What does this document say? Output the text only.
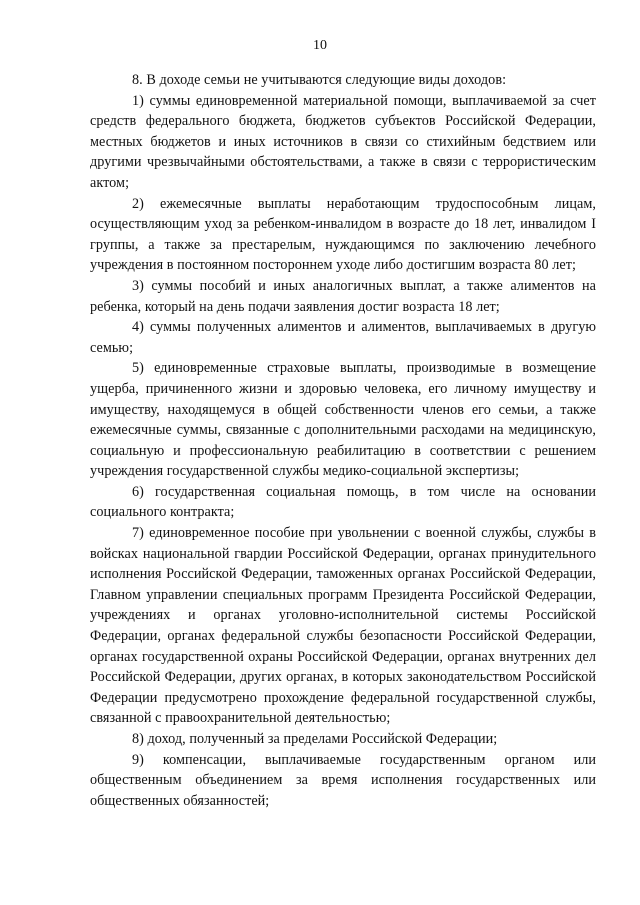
10

8. В доходе семьи не учитываются следующие виды доходов:

1) суммы единовременной материальной помощи, выплачиваемой за счет средств федерального бюджета, бюджетов субъектов Российской Федерации, местных бюджетов и иных источников в связи со стихийным бедствием или другими чрезвычайными обстоятельствами, а также в связи с террористическим актом;

2) ежемесячные выплаты неработающим трудоспособным лицам, осуществляющим уход за ребенком-инвалидом в возрасте до 18 лет, инвалидом I группы, а также за престарелым, нуждающимся по заключению лечебного учреждения в постоянном постороннем уходе либо достигшим возраста 80 лет;

3) суммы пособий и иных аналогичных выплат, а также алиментов на ребенка, который на день подачи заявления достиг возраста 18 лет;

4) суммы полученных алиментов и алиментов, выплачиваемых в другую семью;

5) единовременные страховые выплаты, производимые в возмещение ущерба, причиненного жизни и здоровью человека, его личному имуществу и имуществу, находящемуся в общей собственности членов его семьи, а также ежемесячные суммы, связанные с дополнительными расходами на медицинскую, социальную и профессиональную реабилитацию в соответствии с решением учреждения государственной службы медико-социальной экспертизы;

6) государственная социальная помощь, в том числе на основании социального контракта;

7) единовременное пособие при увольнении с военной службы, службы в войсках национальной гвардии Российской Федерации, органах принудительного исполнения Российской Федерации, таможенных органах Российской Федерации, Главном управлении специальных программ Президента Российской Федерации, учреждениях и органах уголовно-исполнительной системы Российской Федерации, органах федеральной службы безопасности Российской Федерации, органах государственной охраны Российской Федерации, органах внутренних дел Российской Федерации, других органах, в которых законодательством Российской Федерации предусмотрено прохождение федеральной государственной службы, связанной с правоохранительной деятельностью;

8) доход, полученный за пределами Российской Федерации;

9) компенсации, выплачиваемые государственным органом или общественным объединением за время исполнения государственных или общественных обязанностей;
